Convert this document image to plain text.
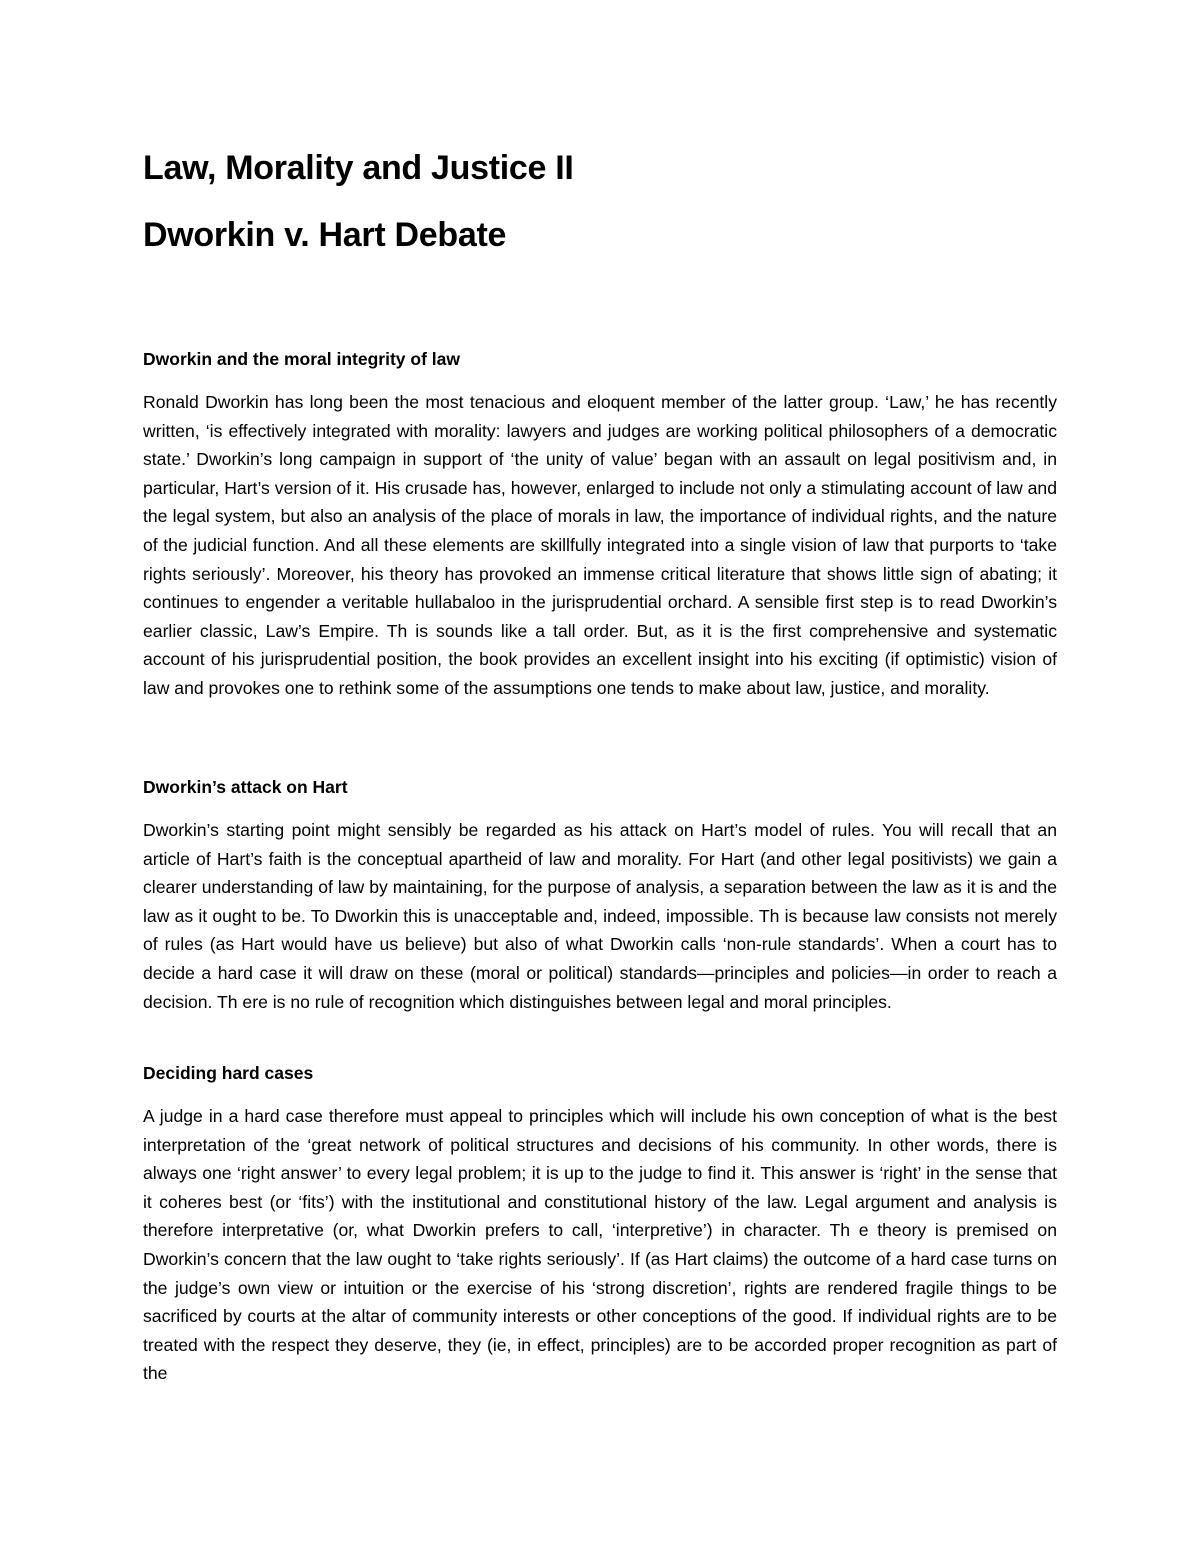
Law, Morality and Justice II
Dworkin v. Hart Debate
Dworkin and the moral integrity of law

Ronald Dworkin has long been the most tenacious and eloquent member of the latter group. ‘Law,’ he has recently written, ‘is effectively integrated with morality: lawyers and judges are working political philosophers of a democratic state.’ Dworkin’s long campaign in support of ‘the unity of value’ began with an assault on legal positivism and, in particular, Hart’s version of it. His crusade has, however, enlarged to include not only a stimulating account of law and the legal system, but also an analysis of the place of morals in law, the importance of individual rights, and the nature of the judicial function. And all these elements are skillfully integrated into a single vision of law that purports to ‘take rights seriously’. Moreover, his theory has provoked an immense critical literature that shows little sign of abating; it continues to engender a veritable hullabaloo in the jurisprudential orchard. A sensible first step is to read Dworkin’s earlier classic, Law’s Empire. Th is sounds like a tall order. But, as it is the first comprehensive and systematic account of his jurisprudential position, the book provides an excellent insight into his exciting (if optimistic) vision of law and provokes one to rethink some of the assumptions one tends to make about law, justice, and morality.

Dworkin’s attack on Hart

Dworkin’s starting point might sensibly be regarded as his attack on Hart’s model of rules. You will recall that an article of Hart’s faith is the conceptual apartheid of law and morality. For Hart (and other legal positivists) we gain a clearer understanding of law by maintaining, for the purpose of analysis, a separation between the law as it is and the law as it ought to be. To Dworkin this is unacceptable and, indeed, impossible. Th is because law consists not merely of rules (as Hart would have us believe) but also of what Dworkin calls ‘non-rule standards’. When a court has to decide a hard case it will draw on these (moral or political) standards—principles and policies—in order to reach a decision. Th ere is no rule of recognition which distinguishes between legal and moral principles.

Deciding hard cases

A judge in a hard case therefore must appeal to principles which will include his own conception of what is the best interpretation of the ‘great network of political structures and decisions of his community. In other words, there is always one ‘right answer’ to every legal problem; it is up to the judge to find it. This answer is ‘right’ in the sense that it coheres best (or ‘fits’) with the institutional and constitutional history of the law. Legal argument and analysis is therefore interpretative (or, what Dworkin prefers to call, ‘interpretive’) in character. Th e theory is premised on Dworkin’s concern that the law ought to ‘take rights seriously’. If (as Hart claims) the outcome of a hard case turns on the judge’s own view or intuition or the exercise of his ‘strong discretion’, rights are rendered fragile things to be sacrificed by courts at the altar of community interests or other conceptions of the good. If individual rights are to be treated with the respect they deserve, they (ie, in effect, principles) are to be accorded proper recognition as part of the
